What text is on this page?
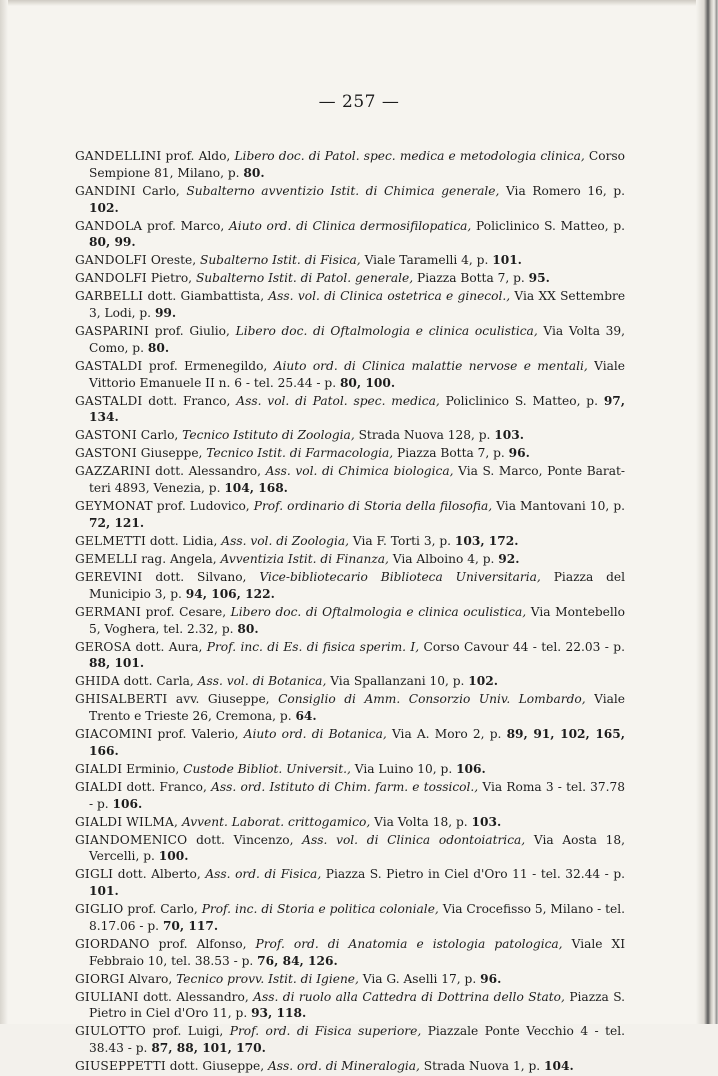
— 257 —

GANDELLINI prof. Aldo, Libero doc. di Patol. spec. medica e metodologia clinica, Corso Sempione 81, Milano, p. 80.

GANDINI Carlo, Subalterno avventizio Istit. di Chimica generale, Via Romero 16, p. 102.

GANDOLA prof. Marco, Aiuto ord. di Clinica dermosifilopatica, Policlinico S. Matteo, p. 80, 99.

GANDOLFI Oreste, Subalterno Istit. di Fisica, Viale Taramelli 4, p. 101.

GANDOLFI Pietro, Subalterno Istit. di Patol. generale, Piazza Botta 7, p. 95.

GARBELLI dott. Giambattista, Ass. vol. di Clinica ostetrica e ginecol., Via XX Settembre 3, Lodi, p. 99.

GASPARINI prof. Giulio, Libero doc. di Oftalmologia e clinica oculistica, Via Volta 39, Como, p. 80.

GASTALDI prof. Ermenegildo, Aiuto ord. di Clinica malattie nervose e mentali, Viale Vittorio Emanuele II n. 6 - tel. 25.44 - p. 80, 100.

GASTALDI dott. Franco, Ass. vol. di Patol. spec. medica, Policlinico S. Matteo, p. 97, 134.

GASTONI Carlo, Tecnico Istituto di Zoologia, Strada Nuova 128, p. 103.

GASTONI Giuseppe, Tecnico Istit. di Farmacologia, Piazza Botta 7, p. 96.

GAZZARINI dott. Alessandro, Ass. vol. di Chimica biologica, Via S. Marco, Ponte Baratteri 4893, Venezia, p. 104, 168.

GEYMONAT prof. Ludovico, Prof. ordinario di Storia della filosofia, Via Mantovani 10, p. 72, 121.

GELMETTI dott. Lidia, Ass. vol. di Zoologia, Via F. Torti 3, p. 103, 172.

GEMELLI rag. Angela, Avventizia Istit. di Finanza, Via Alboino 4, p. 92.

GEREVINI dott. Silvano, Vice-bibliotecario Biblioteca Universitaria, Piazza del Municipio 3, p. 94, 106, 122.

GERMANI prof. Cesare, Libero doc. di Oftalmologia e clinica oculistica, Via Montebello 5, Voghera, tel. 2.32, p. 80.

GEROSA dott. Aura, Prof. inc. di Es. di fisica sperim. I, Corso Cavour 44 - tel. 22.03 - p. 88, 101.

GHIDA dott. Carla, Ass. vol. di Botanica, Via Spallanzani 10, p. 102.

GHISALBERTI avv. Giuseppe, Consiglio di Amm. Consorzio Univ. Lombardo, Viale Trento e Trieste 26, Cremona, p. 64.

GIACOMINI prof. Valerio, Aiuto ord. di Botanica, Via A. Moro 2, p. 89, 91, 102, 165, 166.

GIALDI Erminio, Custode Bibliot. Universit., Via Luino 10, p. 106.

GIALDI dott. Franco, Ass. ord. Istituto di Chim. farm. e tossicol., Via Roma 3 - tel. 37.78 - p. 106.

GIALDI WILMA, Avvent. Laborat. crittogamico, Via Volta 18, p. 103.

GIANDOMENICO dott. Vincenzo, Ass. vol. di Clinica odontoiatrica, Via Aosta 18, Vercelli, p. 100.

GIGLI dott. Alberto, Ass. ord. di Fisica, Piazza S. Pietro in Ciel d'Oro 11 - tel. 32.44 - p. 101.

GIGLIO prof. Carlo, Prof. inc. di Storia e politica coloniale, Via Crocefisso 5, Milano - tel. 8.17.06 - p. 70, 117.

GIORDANO prof. Alfonso, Prof. ord. di Anatomia e istologia patologica, Viale XI Febbraio 10, tel. 38.53 - p. 76, 84, 126.

GIORGI Alvaro, Tecnico provv. Istit. di Igiene, Via G. Aselli 17, p. 96.

GIULIANI dott. Alessandro, Ass. di ruolo alla Cattedra di Dottrina dello Stato, Piazza S. Pietro in Ciel d'Oro 11, p. 93, 118.

GIULOTTO prof. Luigi, Prof. ord. di Fisica superiore, Piazzale Ponte Vecchio 4 - tel. 38.43 - p. 87, 88, 101, 170.

GIUSEPPETTI dott. Giuseppe, Ass. ord. di Mineralogia, Strada Nuova 1, p. 104.
